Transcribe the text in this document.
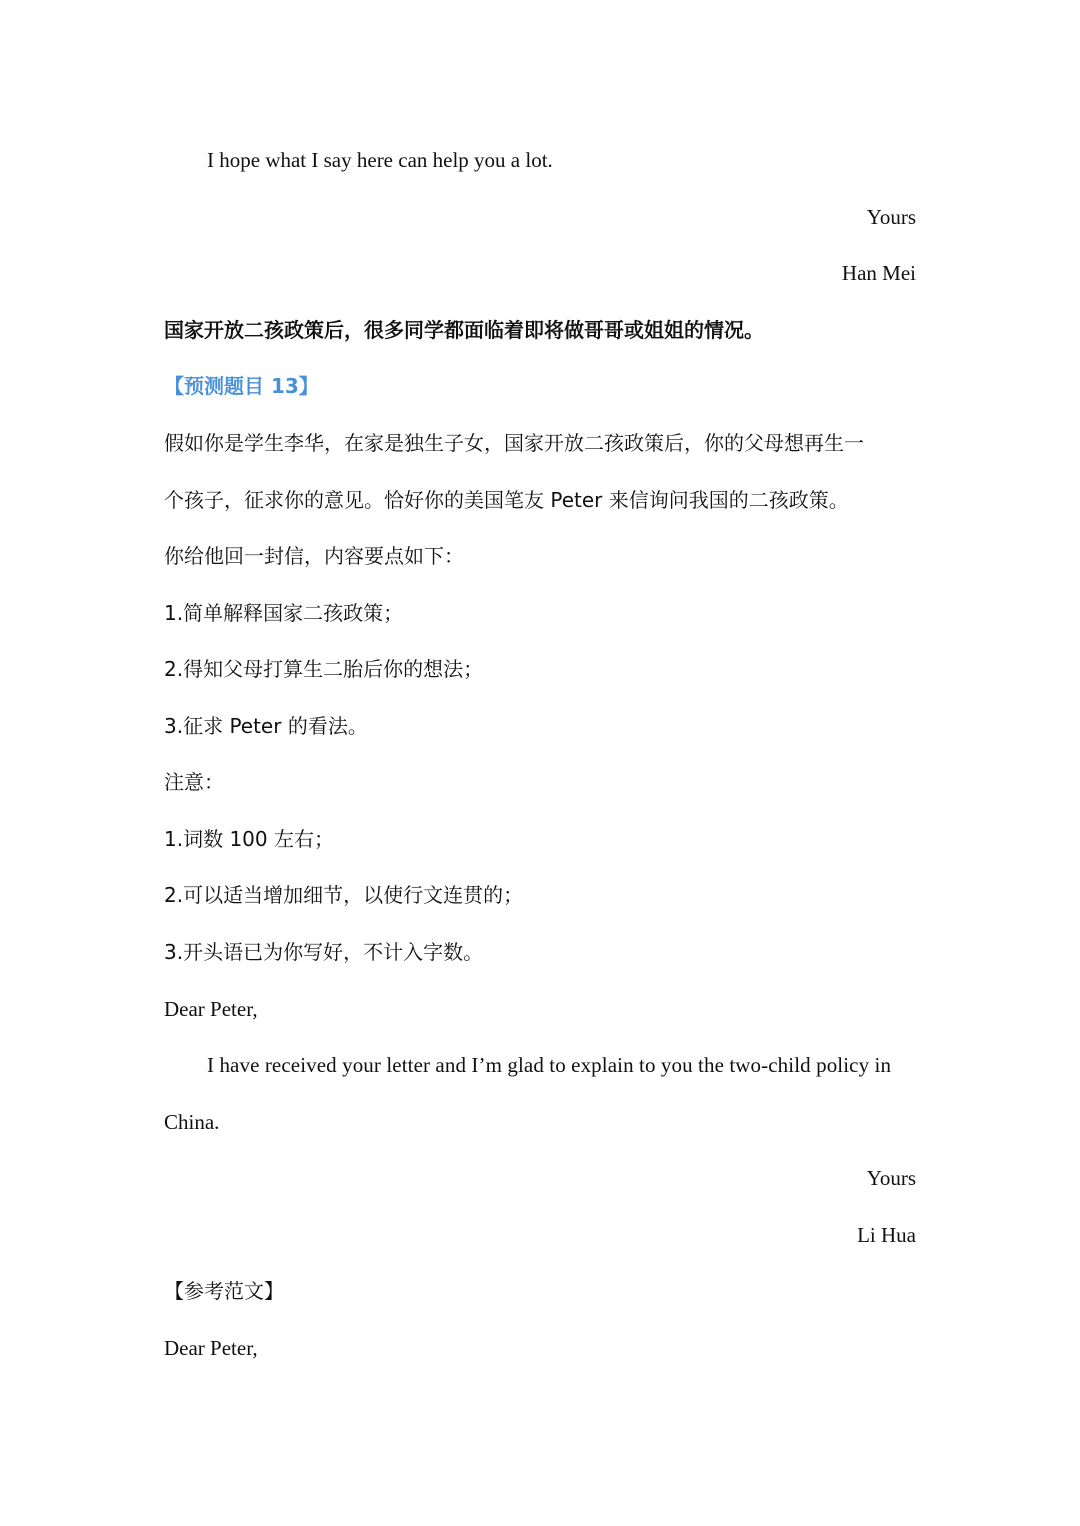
I hope what I say here can help you a lot.
Yours
Han Mei
国家开放二孩政策后，很多同学都面临着即将做哥哥或姐姐的情况。
【预测题目 13】
假如你是学生李华，在家是独生子女，国家开放二孩政策后，你的父母想再生一
个孩子，征求你的意见。恰好你的美国笔友 Peter 来信询问我国的二孩政策。
你给他回一封信，内容要点如下：
1.简单解释国家二孩政策；
2.得知父母打算生二胎后你的想法；
3.征求 Peter 的看法。
注意：
1.词数 100 左右；
2.可以适当增加细节，以使行文连贯的；
3.开头语已为你写好，不计入字数。
Dear Peter,
I have received your letter and I’m glad to explain to you the two-child policy in
China.
Yours
Li Hua
【参考范文】
Dear Peter,
